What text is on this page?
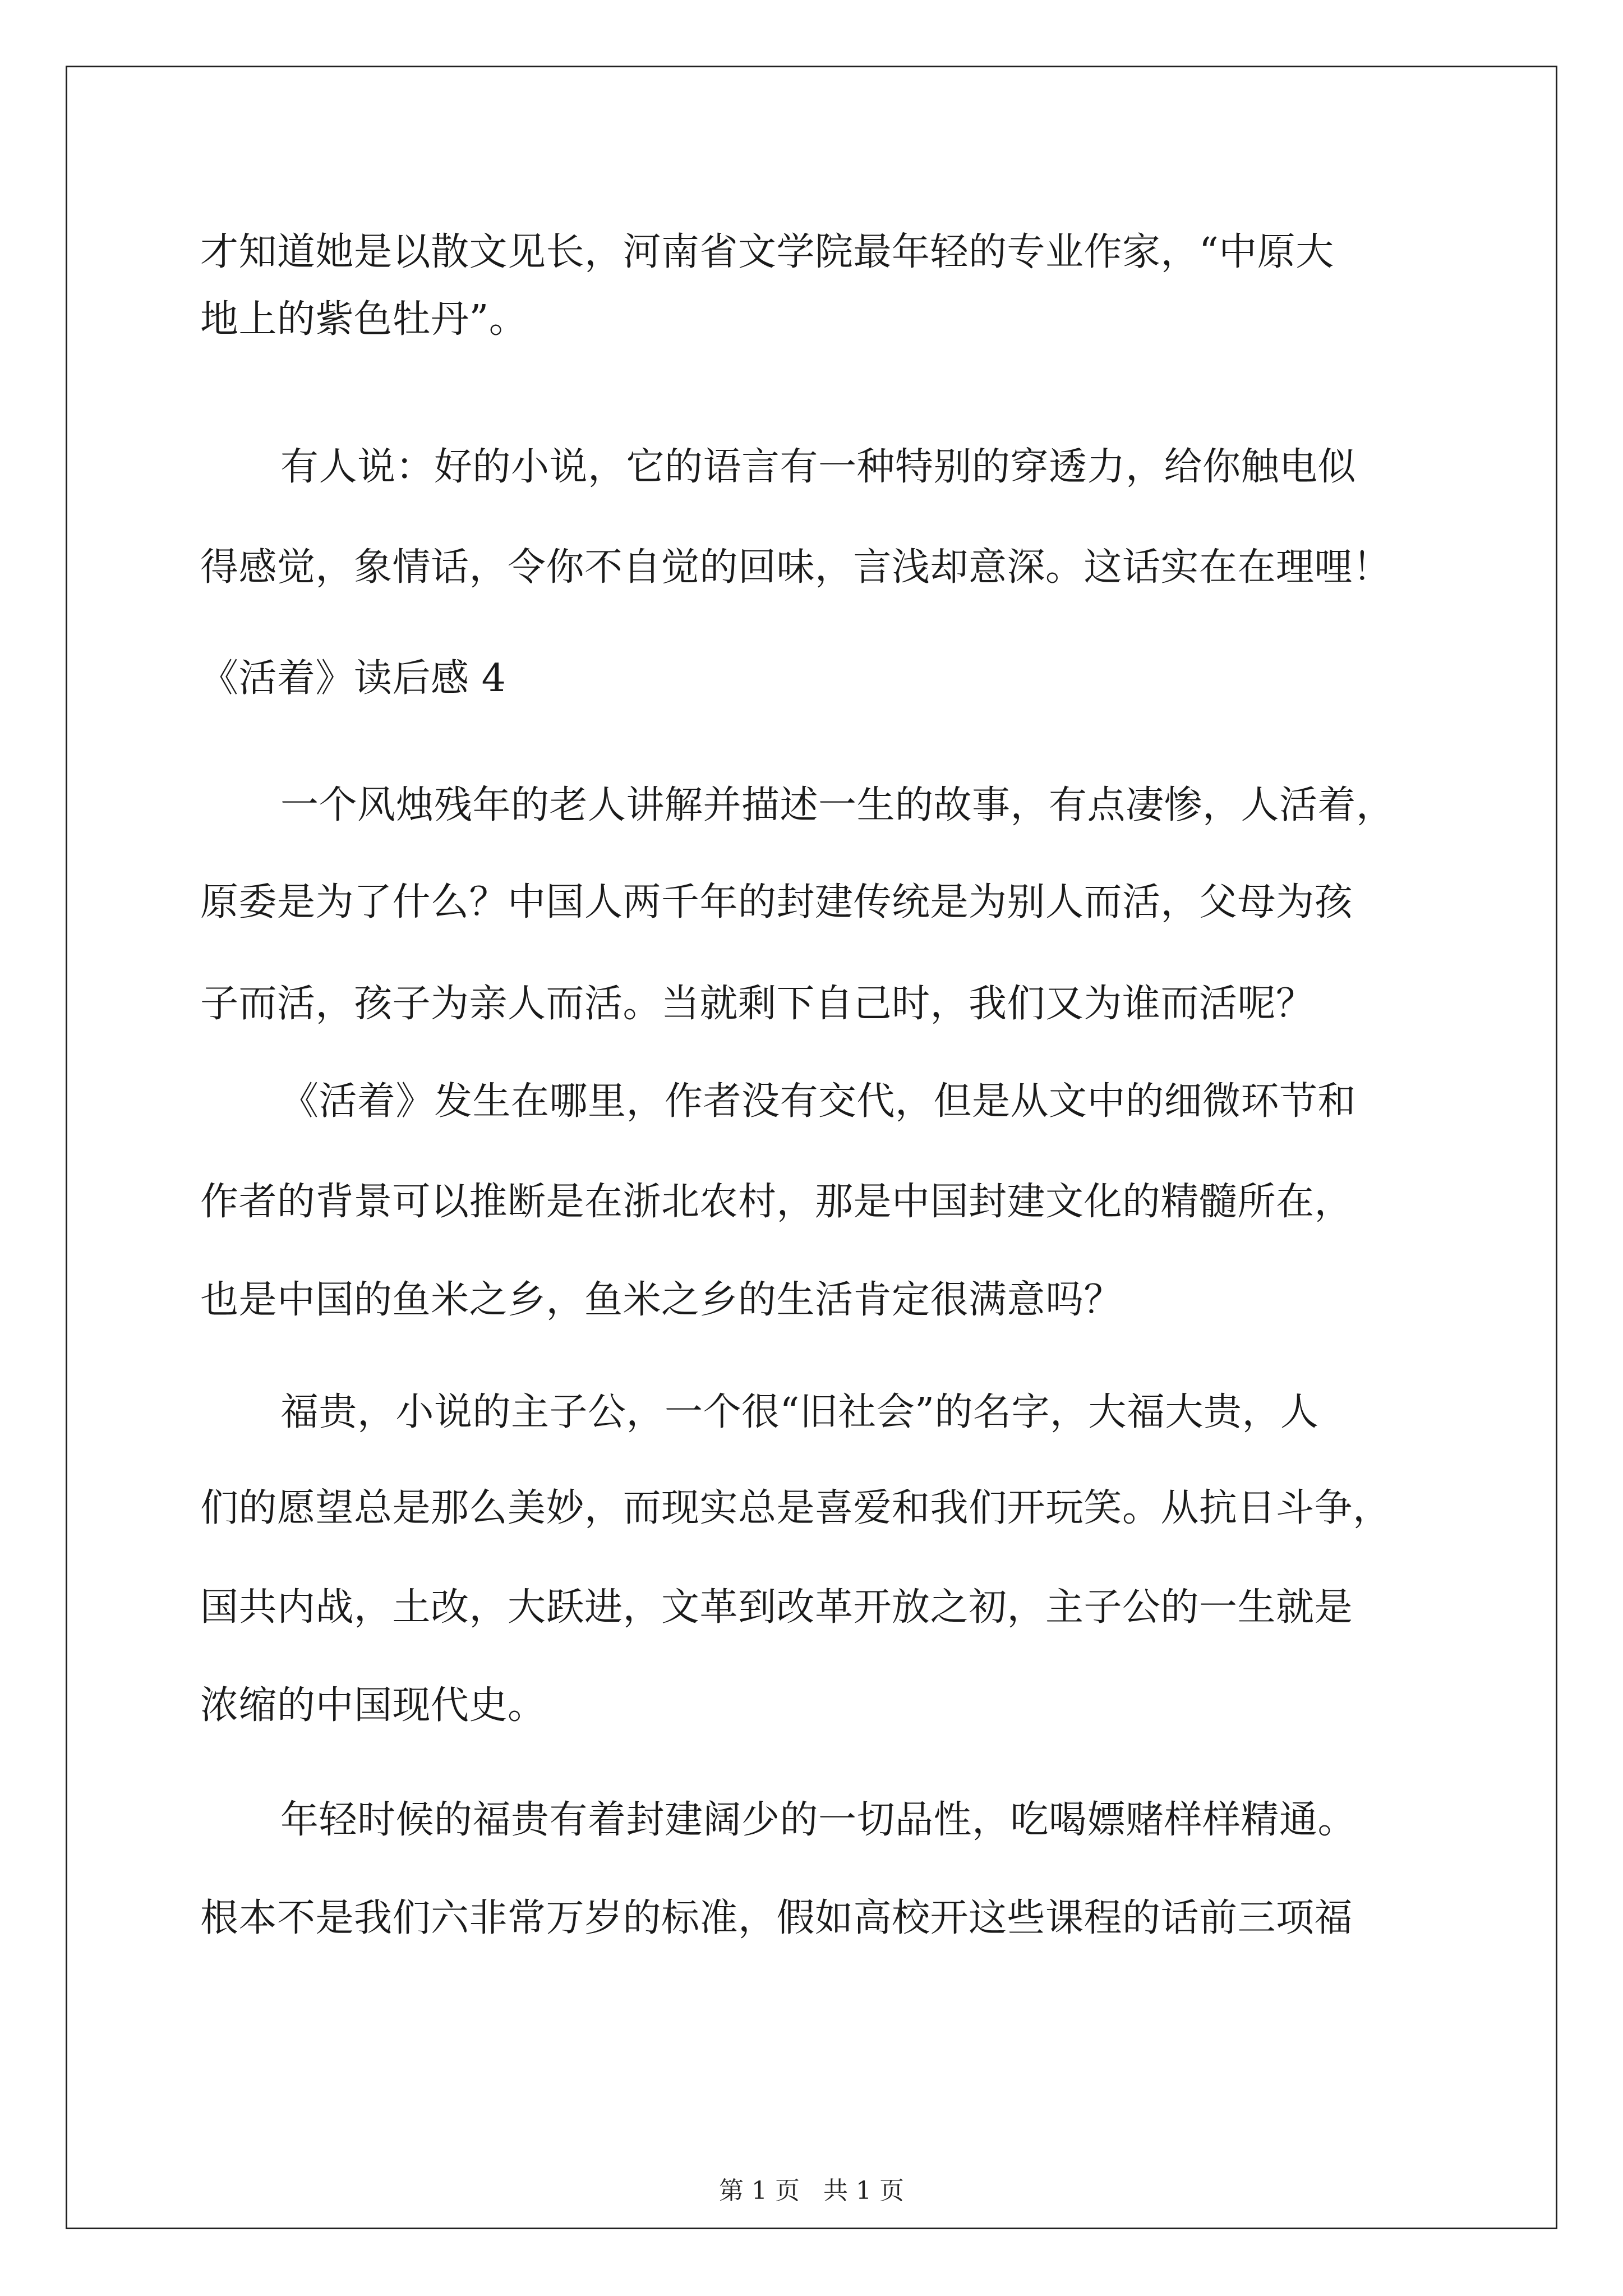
才知道她是以散文见长，河南省文学院最年轻的专业作家，“中原大
地上的紫色牡丹”。
有人说：好的小说，它的语言有一种特别的穿透力，给你触电似
得感觉，象情话，令你不自觉的回味，言浅却意深。这话实在在理哩！
《活着》读后感 4
一个风烛残年的老人讲解并描述一生的故事，有点凄惨，人活着，
原委是为了什么？中国人两千年的封建传统是为别人而活，父母为孩
子而活，孩子为亲人而活。当就剩下自己时，我们又为谁而活呢？
《活着》发生在哪里，作者没有交代，但是从文中的细微环节和
作者的背景可以推断是在浙北农村，那是中国封建文化的精髓所在，
也是中国的鱼米之乡，鱼米之乡的生活肯定很满意吗？
福贵，小说的主子公，一个很“旧社会”的名字，大福大贵，人
们的愿望总是那么美妙，而现实总是喜爱和我们开玩笑。从抗日斗争，
国共内战，土改，大跃进，文革到改革开放之初，主子公的一生就是
浓缩的中国现代史。
年轻时候的福贵有着封建阔少的一切品性，吃喝嫖赌样样精通。
根本不是我们六非常万岁的标准，假如高校开这些课程的话前三项福
第 1 页   共 1 页
